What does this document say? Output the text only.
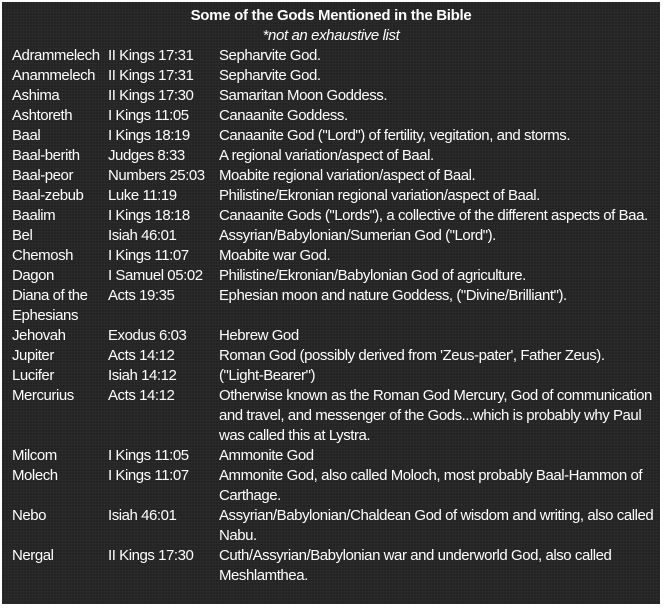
Some of the Gods Mentioned in the Bible
*not an exhaustive list
Adrammelech	II Kings 17:31	Sepharvite God.
Anammelech	II Kings 17:31	Sepharvite God.
Ashima	II Kings 17:30	Samaritan Moon Goddess.
Ashtoreth	I Kings 11:05	Canaanite Goddess.
Baal	I Kings 18:19	Canaanite God ("Lord") of fertility, vegitation, and storms.
Baal-berith	Judges 8:33	A regional variation/aspect of Baal.
Baal-peor	Numbers 25:03	Moabite regional variation/aspect of Baal.
Baal-zebub	Luke 11:19	Philistine/Ekronian regional variation/aspect of Baal.
Baalim	I Kings 18:18	Canaanite Gods ("Lords"), a collective of the different aspects of Baa.
Bel	Isiah 46:01	Assyrian/Babylonian/Sumerian God ("Lord").
Chemosh	I Kings 11:07	Moabite war God.
Dagon	I Samuel 05:02	Philistine/Ekronian/Babylonian God of agriculture.
Diana of the Ephesians	Acts 19:35	Ephesian moon and nature Goddess, ("Divine/Brilliant").
Jehovah	Exodus 6:03	Hebrew God
Jupiter	Acts 14:12	Roman God (possibly derived from 'Zeus-pater', Father Zeus).
Lucifer	Isiah 14:12	("Light-Bearer")
Mercurius	Acts 14:12	Otherwise known as the Roman God Mercury, God of communication and travel, and messenger of the Gods...which is probably why Paul was called this at Lystra.
Milcom	I Kings 11:05	Ammonite God
Molech	I Kings 11:07	Ammonite God, also called Moloch, most probably Baal-Hammon of Carthage.
Nebo	Isiah 46:01	Assyrian/Babylonian/Chaldean God of wisdom and writing, also called Nabu.
Nergal	II Kings 17:30	Cuth/Assyrian/Babylonian war and underworld God, also called Meshlamthea.
